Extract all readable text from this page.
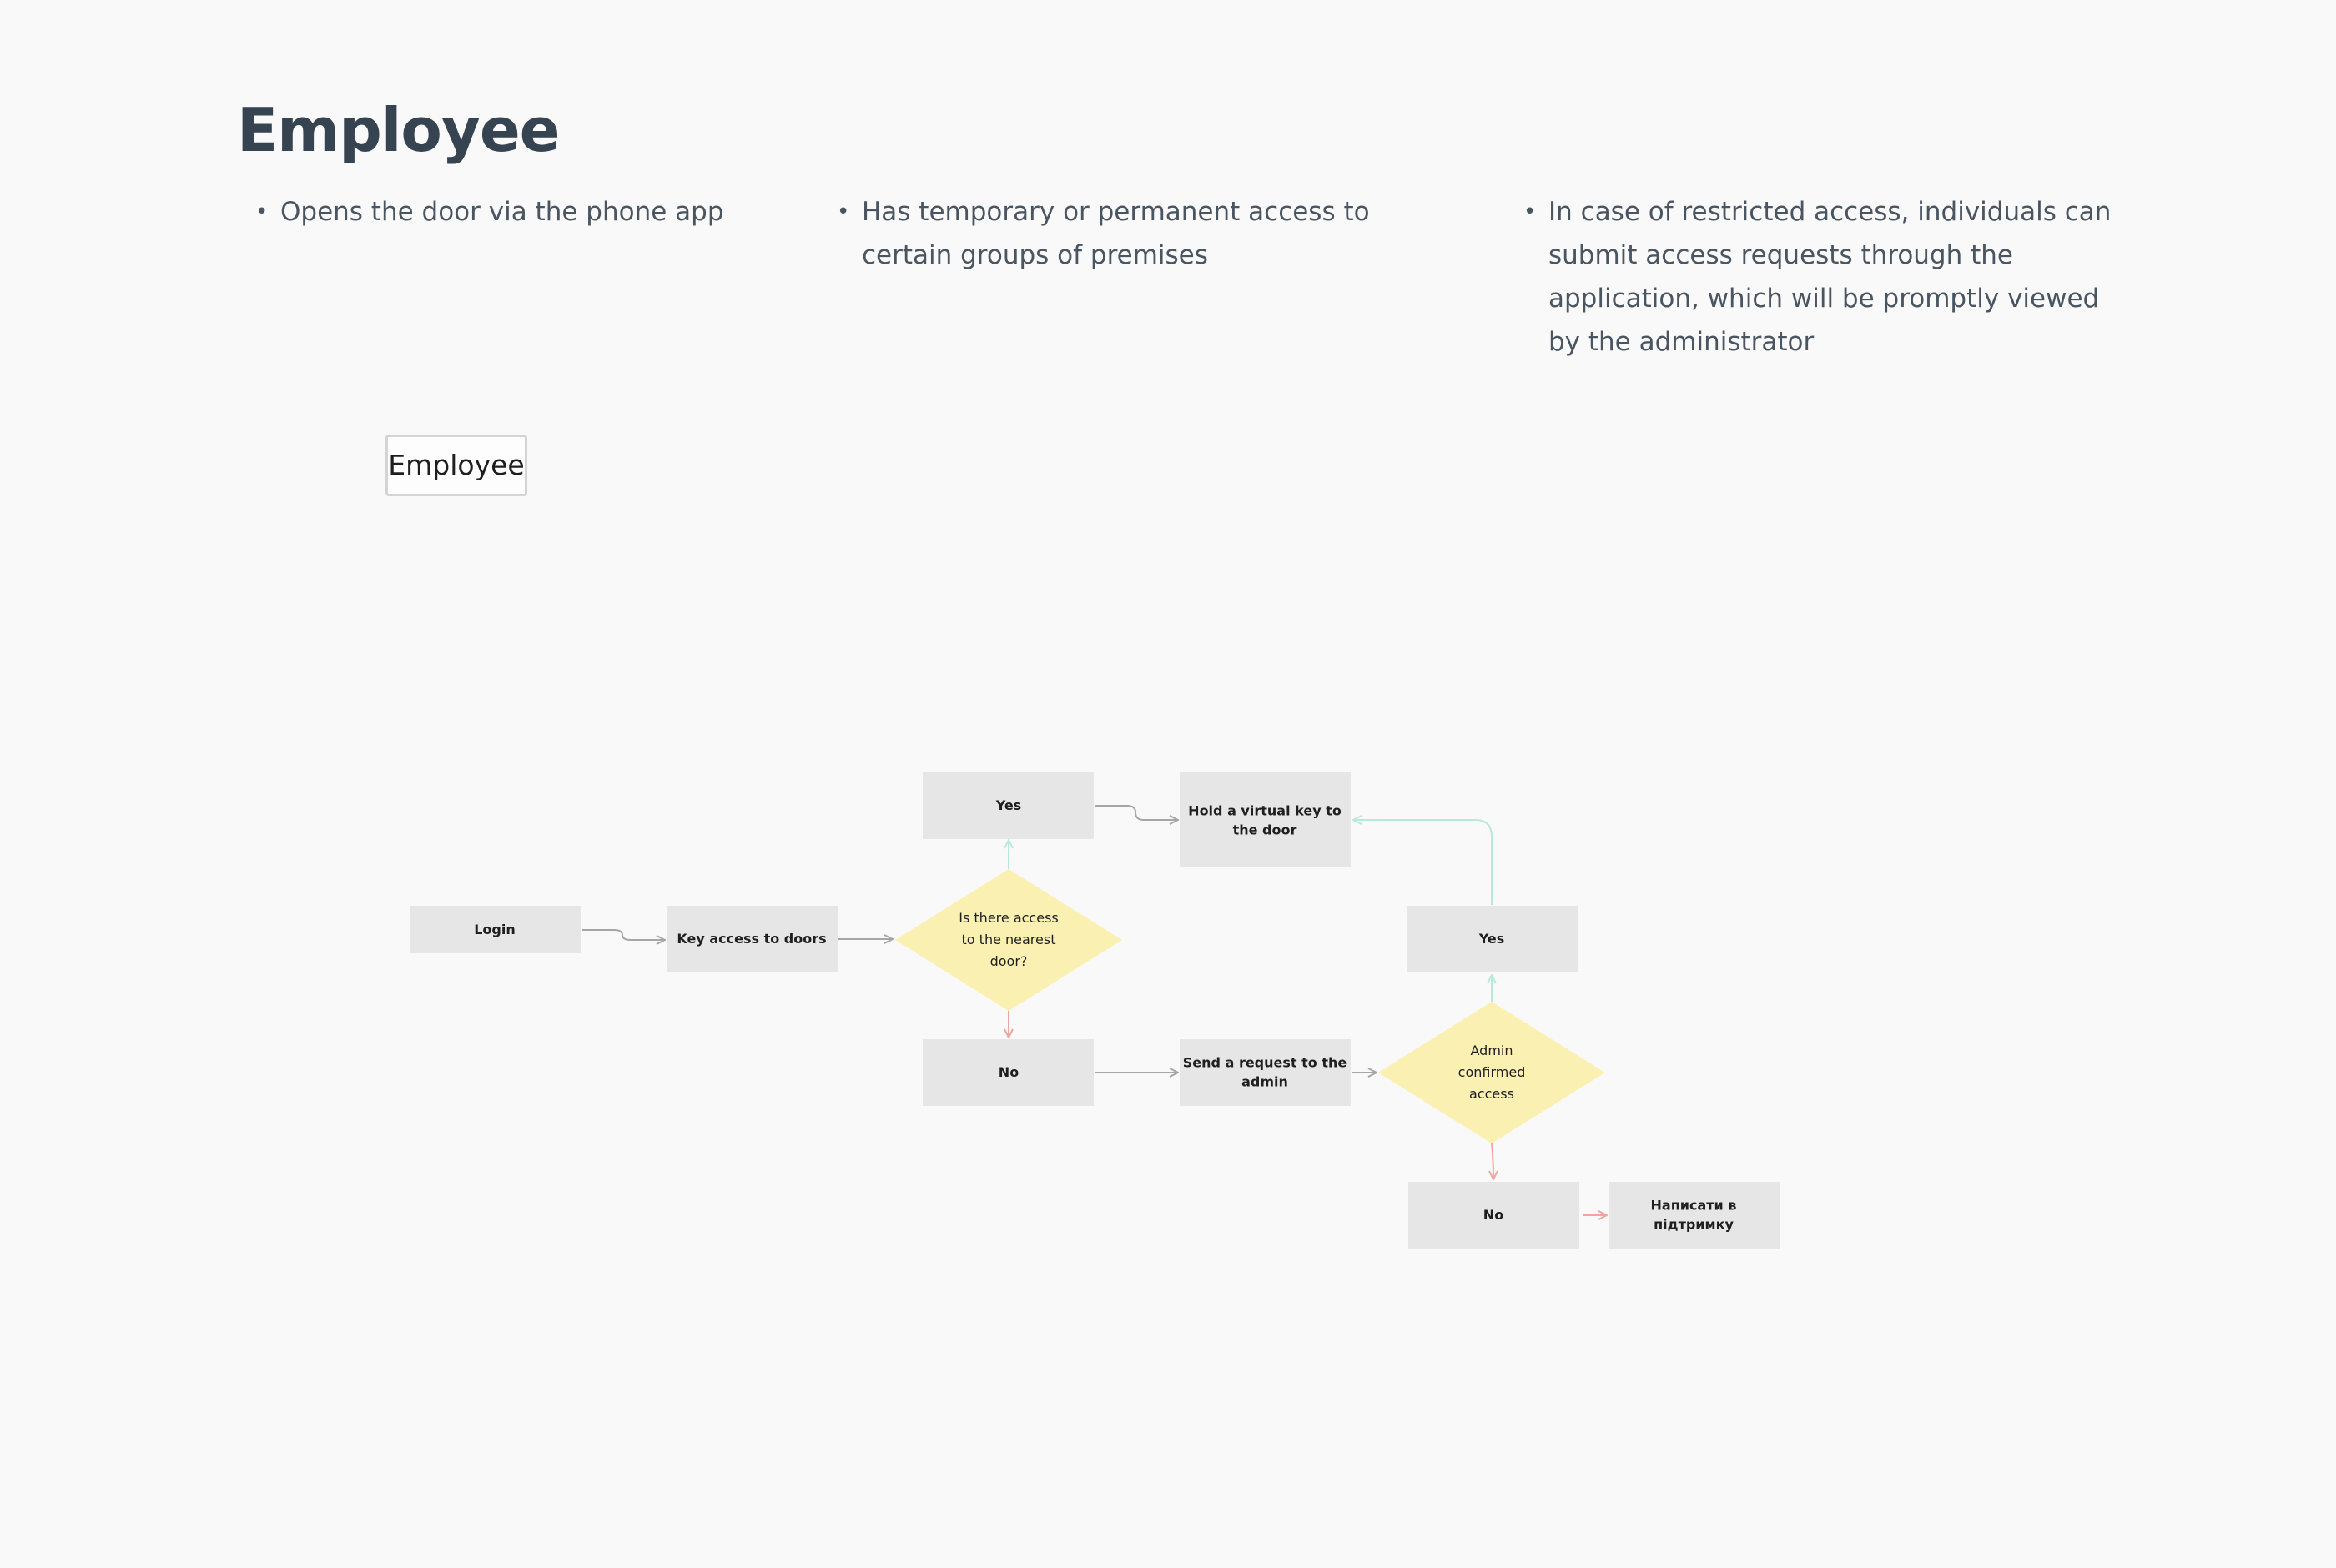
Employee
• Opens the door via the phone app
•	Has temporary or permanent access to certain groups of premises
• In case of restricted access, individuals can submit access requests through the application, which will be promptly viewed by the administrator
Employee
Login
Key access to doors
Is there access to the nearest door?
Yes	Hold a virtual key to the door
No
Send a request to the admin
Admin confirmed access
Yes
No
Написати в підтримку
